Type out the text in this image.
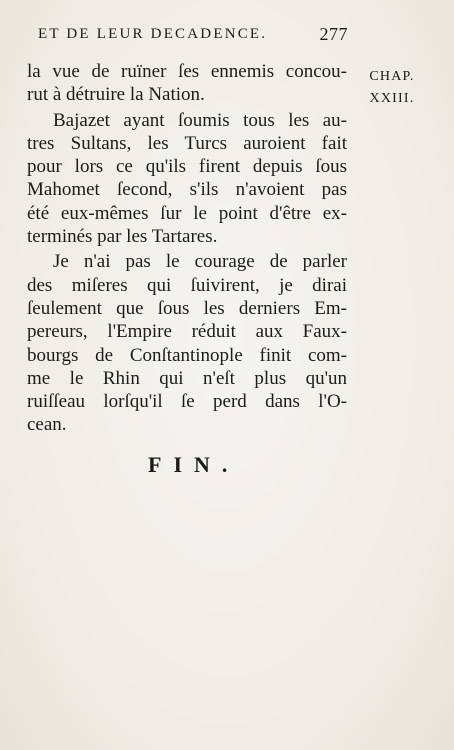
ET DE LEUR DECADENCE.	277
CHAP.
XXIII.
la vue de ruïner ſes ennemis concou-
rut à détruire la Nation.
Bajazet ayant ſoumis tous les au-
tres Sultans, les Turcs auroient fait
pour lors ce qu'ils firent depuis ſous
Mahomet ſecond, s'ils n'avoient pas
été eux-mêmes ſur le point d'être ex-
terminés par les Tartares.
Je n'ai pas le courage de parler
des miſeres qui ſuivirent, je dirai
ſeulement que ſous les derniers Em-
pereurs, l'Empire réduit aux Faux-
bourgs de Conſtantinople finit com-
me le Rhin qui n'eſt plus qu'un
ruiſſeau lorſqu'il ſe perd dans l'O-
cean.
FIN.
